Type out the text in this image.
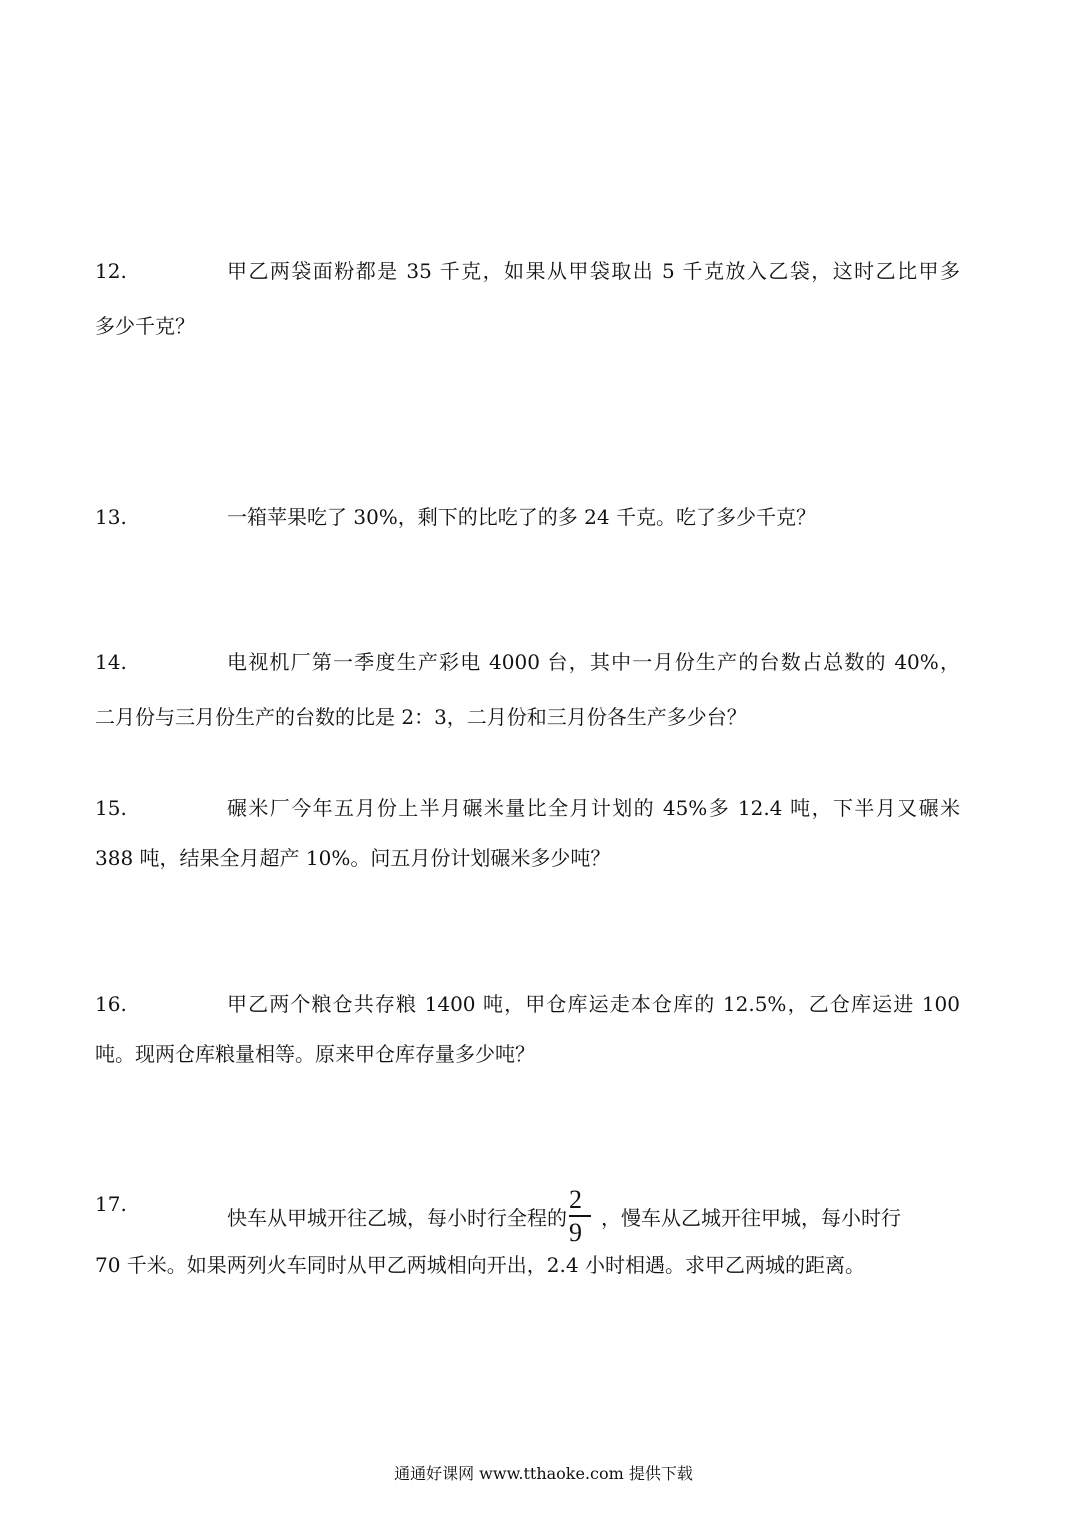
12.	甲乙两袋面粉都是 35 千克，如果从甲袋取出 5 千克放入乙袋，这时乙比甲多
多少千克？
13.	一箱苹果吃了 30%，剩下的比吃了的多 24 千克。吃了多少千克？
14.	电视机厂第一季度生产彩电 4000 台，其中一月份生产的台数占总数的 40%，
二月份与三月份生产的台数的比是 2：3，二月份和三月份各生产多少台？
15.	碾米厂今年五月份上半月碾米量比全月计划的 45%多 12.4 吨，下半月又碾米
388 吨，结果全月超产 10%。问五月份计划碾米多少吨？
16.	甲乙两个粮仓共存粮 1400 吨，甲仓库运走本仓库的 12.5%，乙仓库运进 100
吨。现两仓库粮量相等。原来甲仓库存量多少吨？
17.
快车从甲城开往乙城，每小时行全程的 $\frac{2}{9}$ ，慢车从乙城开往甲城，每小时行
70 千米。如果两列火车同时从甲乙两城相向开出，2.4 小时相遇。求甲乙两城的距离。
通通好课网 www.tthaoke.com 提供下载
